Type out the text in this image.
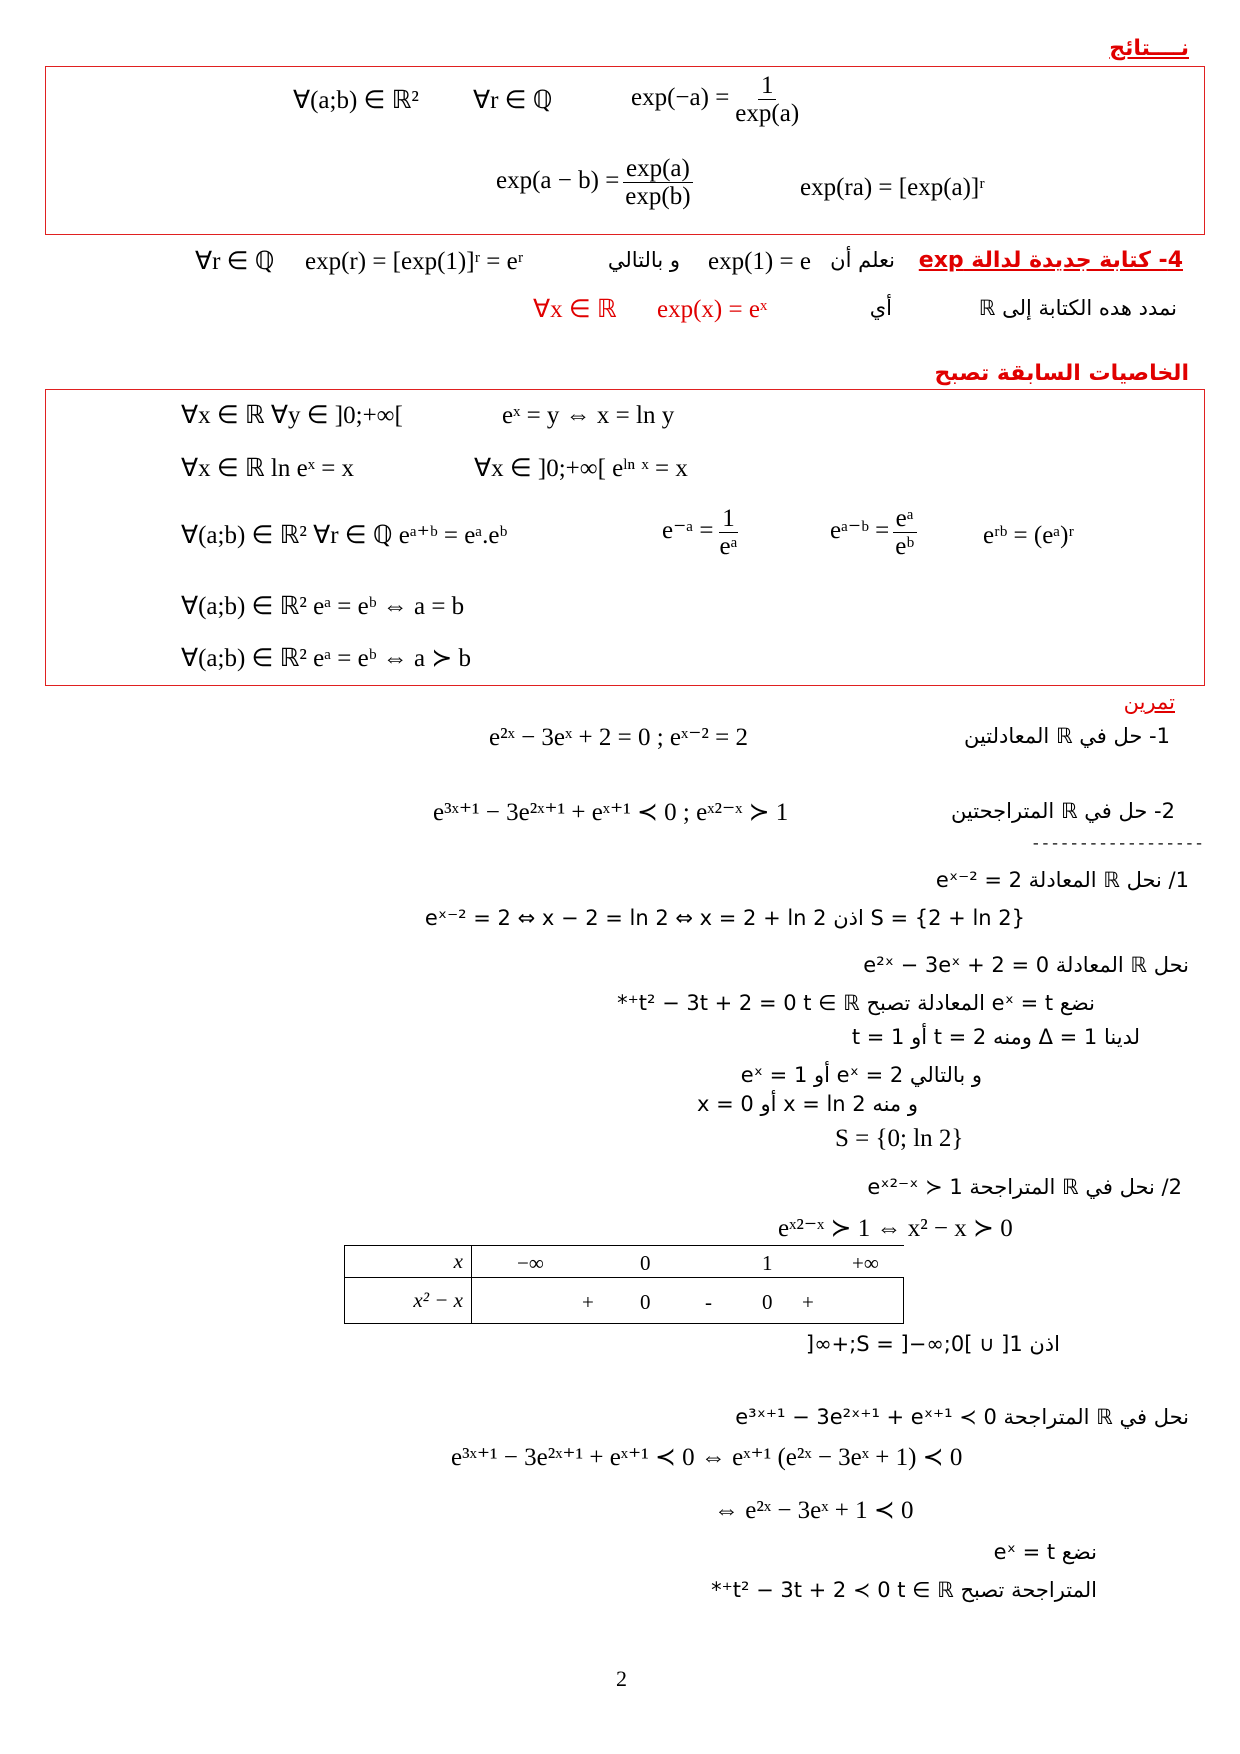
نــــتائج
∀(a;b) ∈ ℝ² ∀r ∈ ℚ	$\exp(-a) = \frac{1}{\exp(a)}$
$\exp(a - b) = \frac{\exp(a)}{\exp(b)}$	exp(ra) = [exp(a)]ʳ
4- كتابة جديدة لدالة exp
نعلم أن
exp(1) = e
و بالتالي
exp(r) = [exp(1)]ʳ = eʳ
∀r ∈ ℚ
نمدد هده الكتابة إلى ℝ
أي
exp(x) = eˣ
∀x ∈ ℝ
الخاصيات السابقة تصبح
∀x ∈ ℝ ∀y ∈ ]0;+∞[	eˣ = y ⇔ x = ln y
∀x ∈ ℝ ln eˣ = x	∀x ∈ ]0;+∞[ eˡⁿ ˣ = x
∀(a;b) ∈ ℝ² ∀r ∈ ℚ eᵃ⁺ᵇ = eᵃ.eᵇ	e⁻ᵃ = $\frac{1}{\text{eᵃ}}$	eᵃ⁻ᵇ = $\frac{\text{eᵃ}}{\text{eᵇ}}$	eʳᵇ = (eᵃ)ʳ
∀(a;b) ∈ ℝ² eᵃ = eᵇ ⇔ a = b
∀(a;b) ∈ ℝ² eᵃ = eᵇ ⇔ a ≻ b
تمرين
1- حل في ℝ المعادلتين
e²ˣ − 3eˣ + 2 = 0 ; eˣ⁻² = 2
2- حل في ℝ المتراجحتين
e³ˣ⁺¹ − 3e²ˣ⁺¹ + eˣ⁺¹ ≺ 0 ; eˣ²⁻ˣ ≻ 1
------------------
1/ نحل ℝ المعادلة eˣ⁻² = 2
S = {2 + ln 2} اذن eˣ⁻² = 2 ⇔ x − 2 = ln 2 ⇔ x = 2 + ln 2
نحل ℝ المعادلة e²ˣ − 3eˣ + 2 = 0
نضع eˣ = t المعادلة تصبح t² − 3t + 2 = 0 t ∈ ℝ⁺*
لدينا Δ = 1 ومنه t = 2 أو t = 1
و بالتالي eˣ = 2 أو eˣ = 1
و منه x = ln 2 أو x = 0
S = {0; ln 2}
2/ نحل في ℝ المتراجحة eˣ²⁻ˣ ≻ 1
eˣ²⁻ˣ ≻ 1 ⇔ x² − x ≻ 0
x	−∞ 0 1 +∞

x² − x	+ 0 - 0 +
اذن S = ]−∞;0[ ∪ ]1;+∞[
نحل في ℝ المتراجحة e³ˣ⁺¹ − 3e²ˣ⁺¹ + eˣ⁺¹ ≺ 0
e³ˣ⁺¹ − 3e²ˣ⁺¹ + eˣ⁺¹ ≺ 0 ⇔ eˣ⁺¹ (e²ˣ − 3eˣ + 1) ≺ 0
⇔ e²ˣ − 3eˣ + 1 ≺ 0
نضع eˣ = t
المتراجحة تصبح t² − 3t + 2 ≺ 0 t ∈ ℝ⁺*
2
